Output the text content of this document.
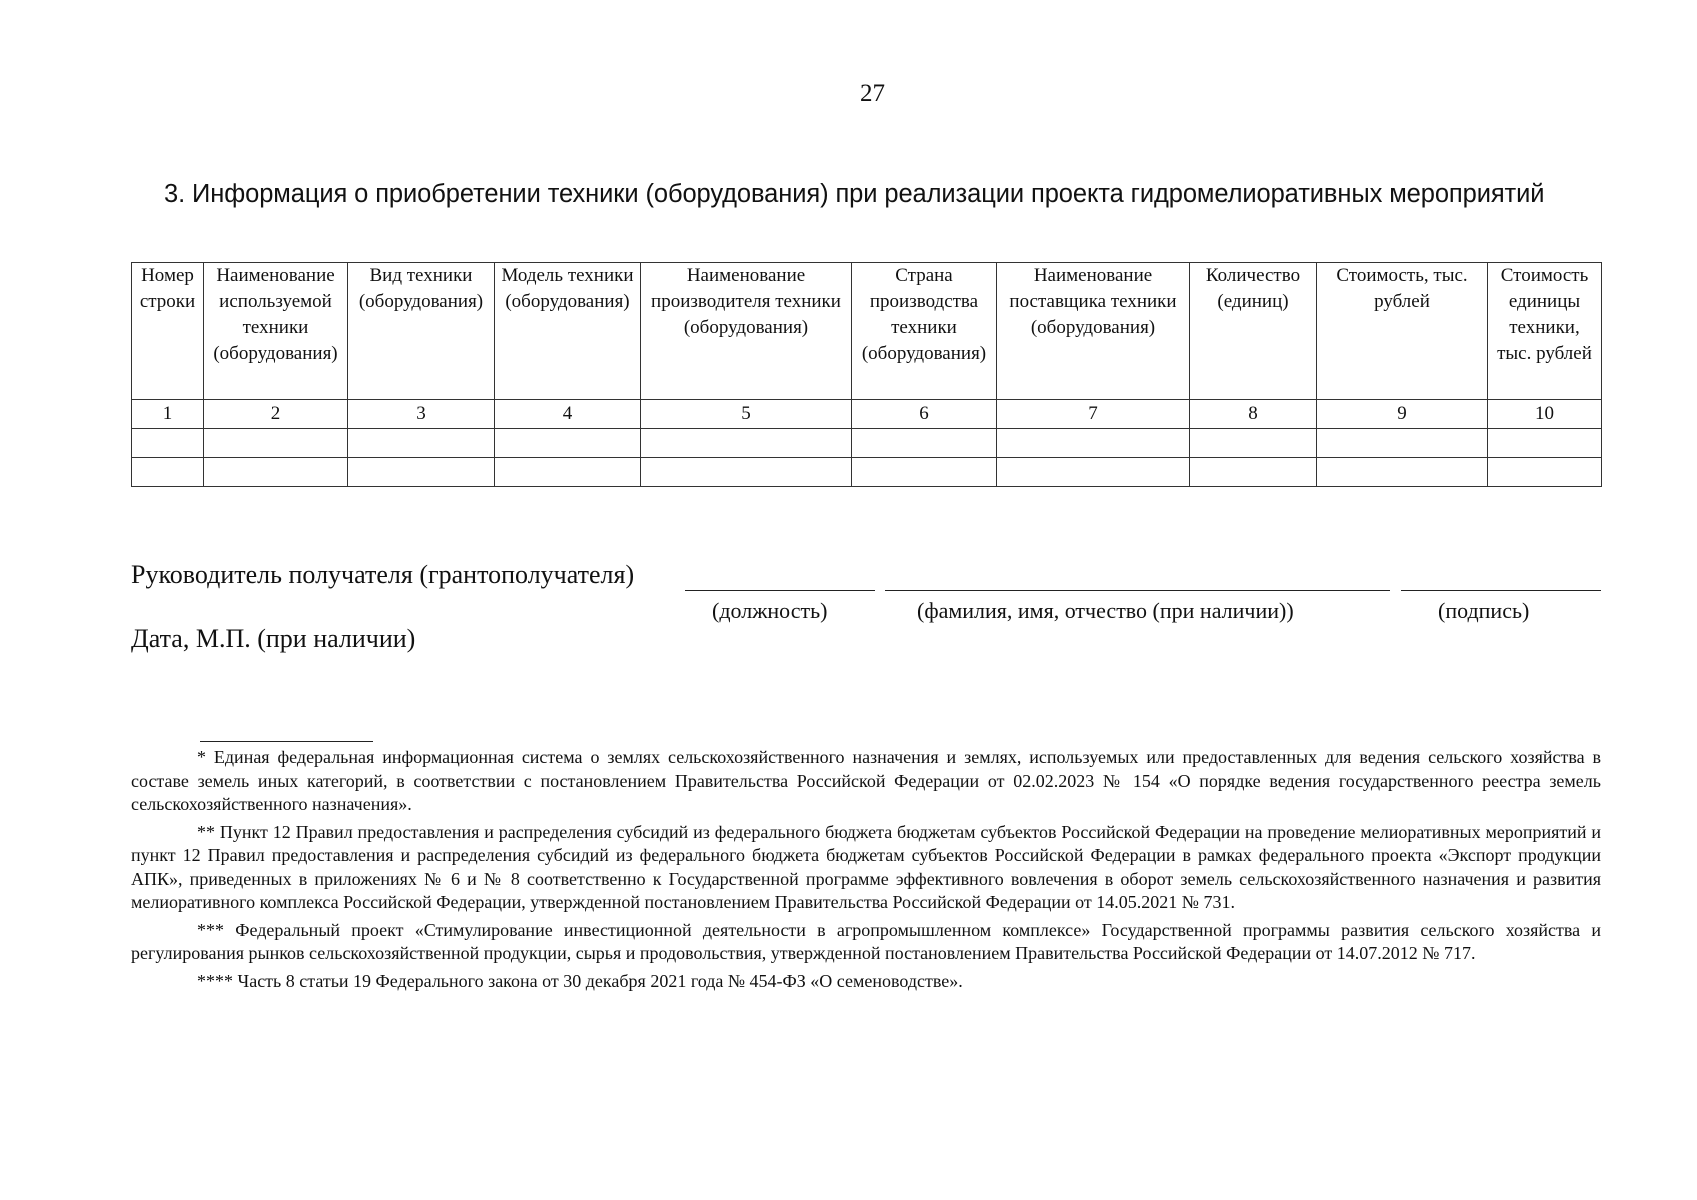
27
3. Информация о приобретении техники (оборудования) при реализации проекта гидромелиоративных мероприятий
Номер строки	Наименование используемой техники (оборудования)	Вид техники (оборудования)	Модель техники (оборудования)	Наименование производителя техники (оборудования)	Страна производства техники (оборудования)	Наименование поставщика техники (оборудования)	Количество (единиц)	Стоимость, тыс. рублей	Стоимость единицы техники, тыс. рублей
1	2	3	4	5	6	7	8	9	10

Руководитель получателя (грантополучателя)
(должность)	(фамилия, имя, отчество (при наличии))	(подпись)
Дата, М.П. (при наличии)

* Единая федеральная информационная система о землях сельскохозяйственного назначения и землях, используемых или предоставленных для ведения сельского хозяйства в составе земель иных категорий, в соответствии с постановлением Правительства Российской Федерации от 02.02.2023 № 154 «О порядке ведения государственного реестра земель сельскохозяйственного назначения».

** Пункт 12 Правил предоставления и распределения субсидий из федерального бюджета бюджетам субъектов Российской Федерации на проведение мелиоративных мероприятий и пункт 12 Правил предоставления и распределения субсидий из федерального бюджета бюджетам субъектов Российской Федерации в рамках федерального проекта «Экспорт продукции АПК», приведенных в приложениях № 6 и № 8 соответственно к Государственной программе эффективного вовлечения в оборот земель сельскохозяйственного назначения и развития мелиоративного комплекса Российской Федерации, утвержденной постановлением Правительства Российской Федерации от 14.05.2021 № 731.

*** Федеральный проект «Стимулирование инвестиционной деятельности в агропромышленном комплексе» Государственной программы развития сельского хозяйства и регулирования рынков сельскохозяйственной продукции, сырья и продовольствия, утвержденной постановлением Правительства Российской Федерации от 14.07.2012 № 717.

**** Часть 8 статьи 19 Федерального закона от 30 декабря 2021 года № 454-ФЗ «О семеноводстве».
